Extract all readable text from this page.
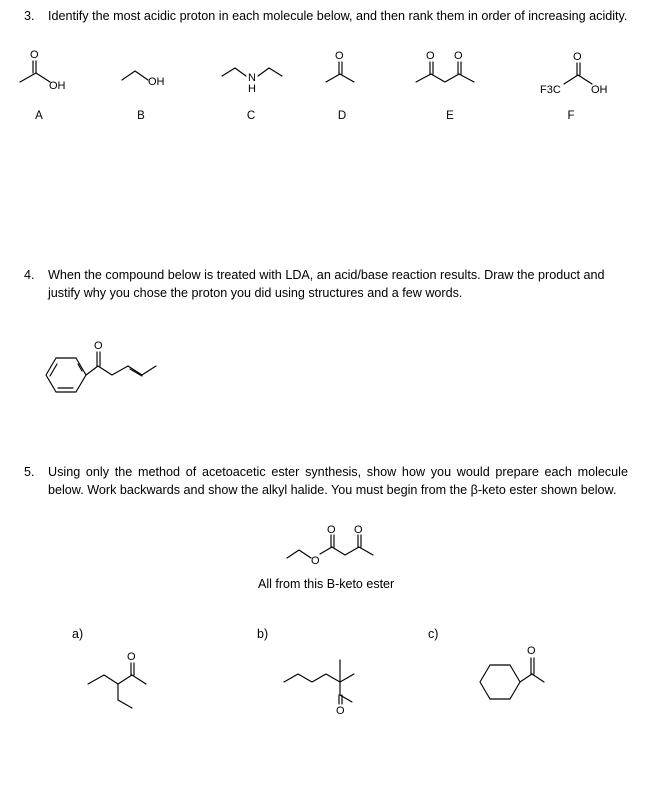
3. Identify the most acidic proton in each molecule below, and then rank them in order of increasing acidity.
O
OH
A
OH
B
N
H
C
O
D
O O
E
O
F3C	OH
F
4. When the compound below is treated with LDA, an acid/base reaction results. Draw the product and justify why you chose the proton you did using structures and a few words.
O
5. Using only the method of acetoacetic ester synthesis, show how you would prepare each molecule below. Work backwards and show the alkyl halide. You must begin from the β-keto ester shown below.
O
O O
All from this B-keto ester
a)
O
b)
O
c)
O
